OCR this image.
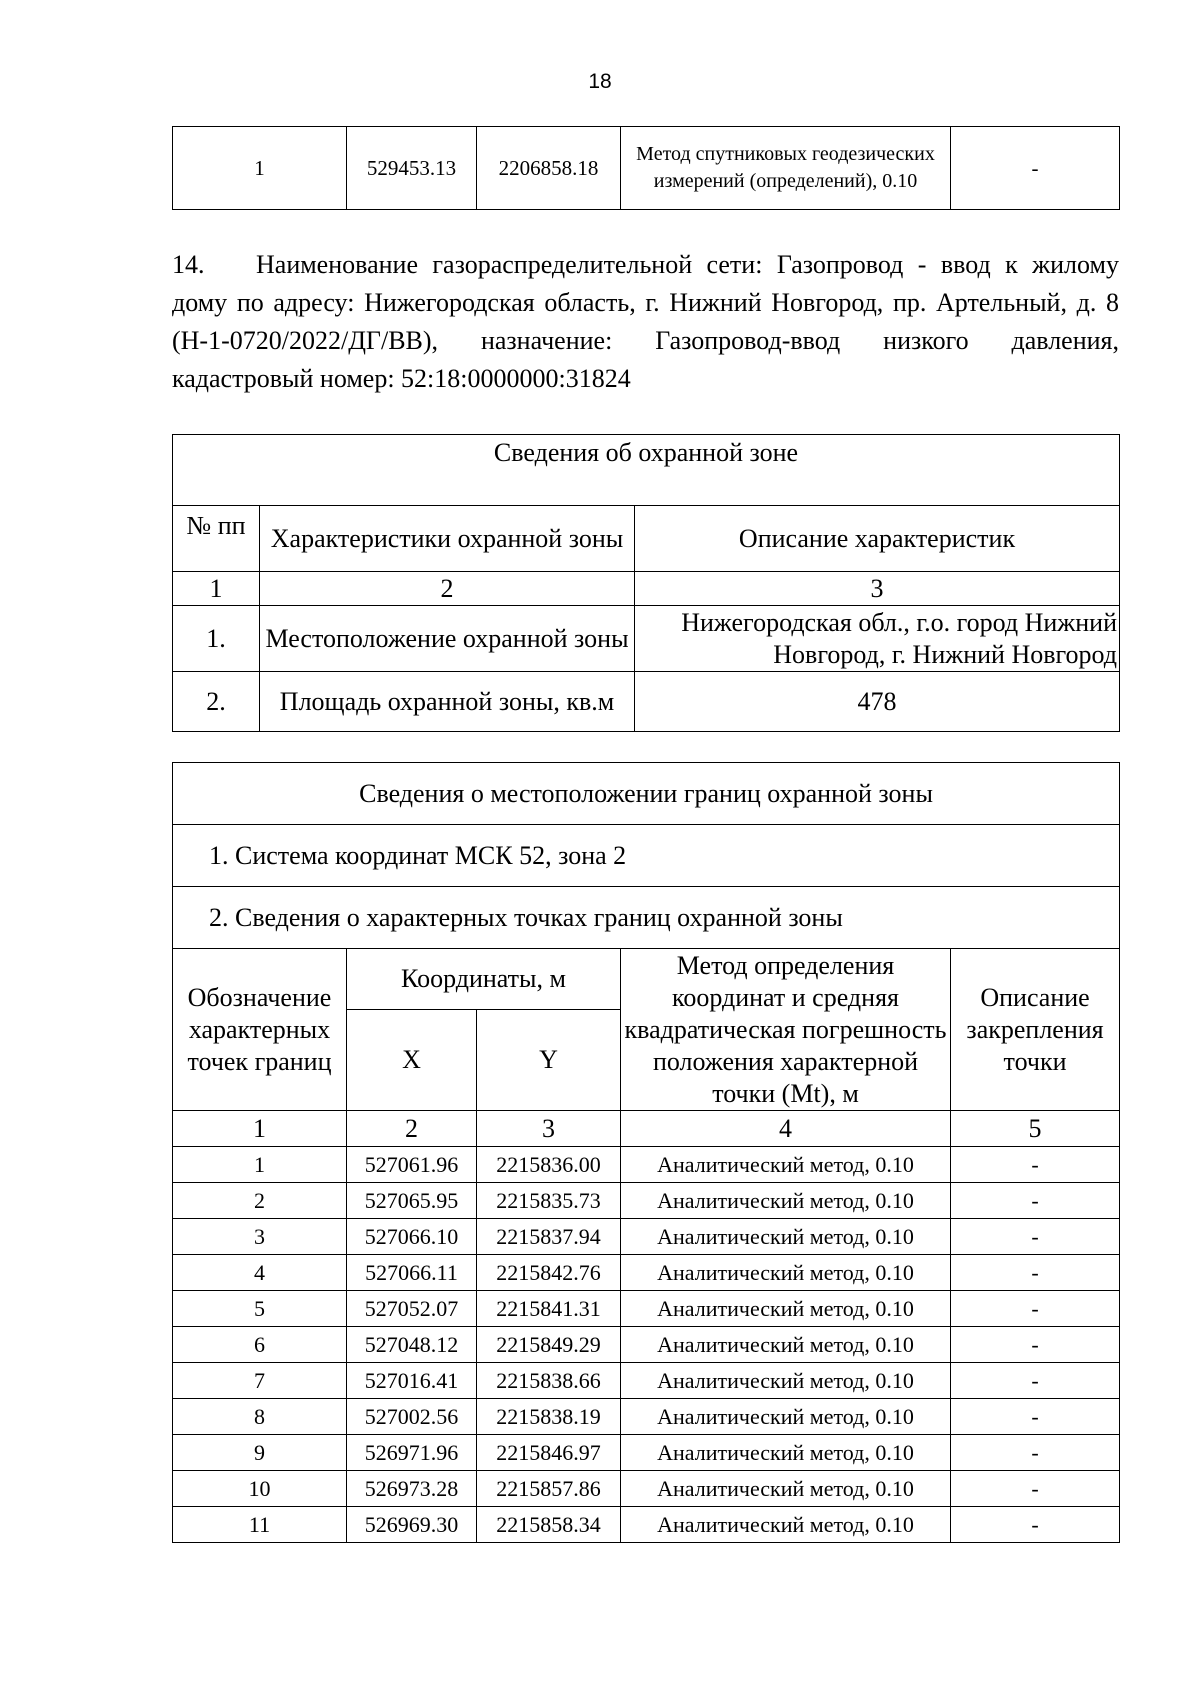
18
1	529453.13	2206858.18	Метод спутниковых геодезических измерений (определений), 0.10	-
14. Наименование газораспределительной сети: Газопровод - ввод к жилому дому по адресу: Нижегородская область, г. Нижний Новгород, пр. Артельный, д. 8 (Н-1-0720/2022/ДГ/ВВ), назначение: Газопровод-ввод низкого давления, кадастровый номер: 52:18:0000000:31824
Сведения об охранной зоне		
№ пп	Характеристики охранной зоны	Описание характеристик
1	2	3
1.	Местоположение охранной зоны	Нижегородская обл., г.о. город Нижний Новгород, г. Нижний Новгород
2.	Площадь охранной зоны, кв.м	478
Сведения о местоположении границ охранной зоны				
1. Система координат МСК 52, зона 2				
2. Сведения о характерных точках границ охранной зоны				
Обозначение характерных точек границ	Координаты, м		Метод определения координат и средняя квадратическая погрешность положения характерной точки (Mt), м	Описание закрепления точки
	X	Y		
1	2	3	4	5
1	527061.96	2215836.00	Аналитический метод, 0.10	-
2	527065.95	2215835.73	Аналитический метод, 0.10	-
3	527066.10	2215837.94	Аналитический метод, 0.10	-
4	527066.11	2215842.76	Аналитический метод, 0.10	-
5	527052.07	2215841.31	Аналитический метод, 0.10	-
6	527048.12	2215849.29	Аналитический метод, 0.10	-
7	527016.41	2215838.66	Аналитический метод, 0.10	-
8	527002.56	2215838.19	Аналитический метод, 0.10	-
9	526971.96	2215846.97	Аналитический метод, 0.10	-
10	526973.28	2215857.86	Аналитический метод, 0.10	-
11	526969.30	2215858.34	Аналитический метод, 0.10	-
